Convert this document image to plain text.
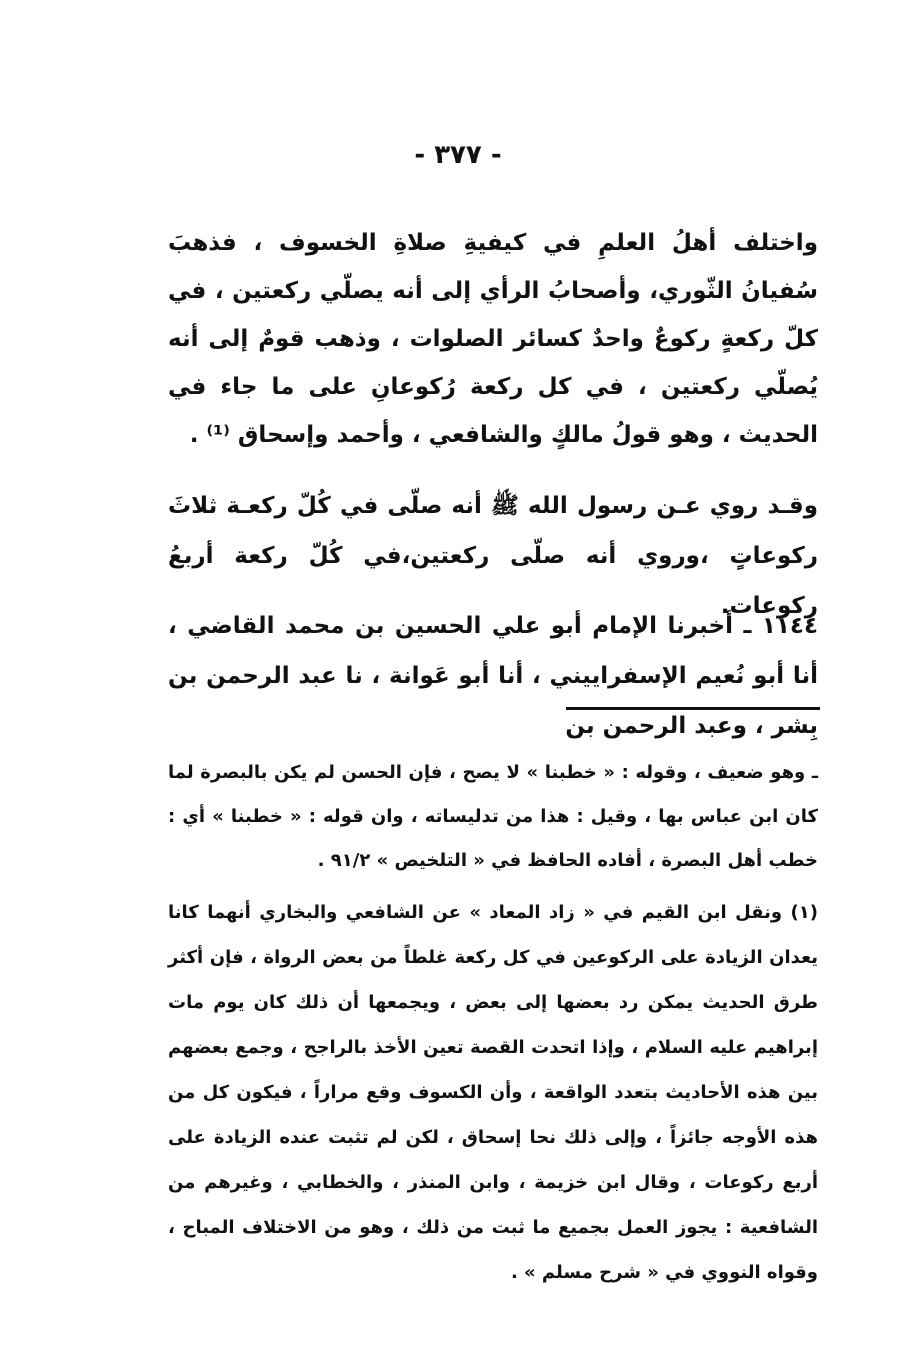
- ٣٧٧ -

واختلف أهلُ العلمِ في كيفيةِ صلاةِ الخسوف ، فذهبَ سُفيانُ الثّوري، وأصحابُ الرأي إلى أنه يصلّي ركعتين ، في كلّ ركعةٍ ركوعٌ واحدٌ كسائر الصلوات ، وذهب قومٌ إلى أنه يُصلّي ركعتين ، في كل ركعة رُكوعانِ على ما جاء في الحديث ، وهو قولُ مالكٍ والشافعي ، وأحمد وإسحاق ⁽¹⁾ .

وقـد روي عـن رسول الله ﷺ أنه صلّى في كُلّ ركعـة ثلاثَ ركوعاتٍ ،وروي أنه صلّى ركعتين،في كُلّ ركعة أربعُ ركوعات.

١١٤٤ ـ أخبرنا الإمام أبو علي الحسين بن محمد القاضي ، أنا أبو نُعيم الإسفراييني ، أنا أبو عَوانة ، نا عبد الرحمن بن بِشر ، وعبد الرحمن بن

ـ وهو ضعيف ، وقوله : « خطبنا » لا يصح ، فإن الحسن لم يكن بالبصرة لما كان ابن عباس بها ، وقيل : هذا من تدليساته ، وان قوله : « خطبنا » أي : خطب أهل البصرة ، أفاده الحافظ في « التلخيص » ٩١/٢ .

(١) ونقل ابن القيم في « زاد المعاد » عن الشافعي والبخاري أنهما كانا يعدان الزيادة على الركوعين في كل ركعة غلطاً من بعض الرواة ، فإن أكثر طرق الحديث يمكن رد بعضها إلى بعض ، ويجمعها أن ذلك كان يوم مات إبراهيم عليه السلام ، وإذا اتحدت القصة تعين الأخذ بالراجح ، وجمع بعضهم بين هذه الأحاديث بتعدد الواقعة ، وأن الكسوف وقع مراراً ، فيكون كل من هذه الأوجه جائزاً ، وإلى ذلك نحا إسحاق ، لكن لم تثبت عنده الزيادة على أربع ركوعات ، وقال ابن خزيمة ، وابن المنذر ، والخطابي ، وغيرهم من الشافعية : يجوز العمل بجميع ما ثبت من ذلك ، وهو من الاختلاف المباح ، وقواه النووي في « شرح مسلم » .
